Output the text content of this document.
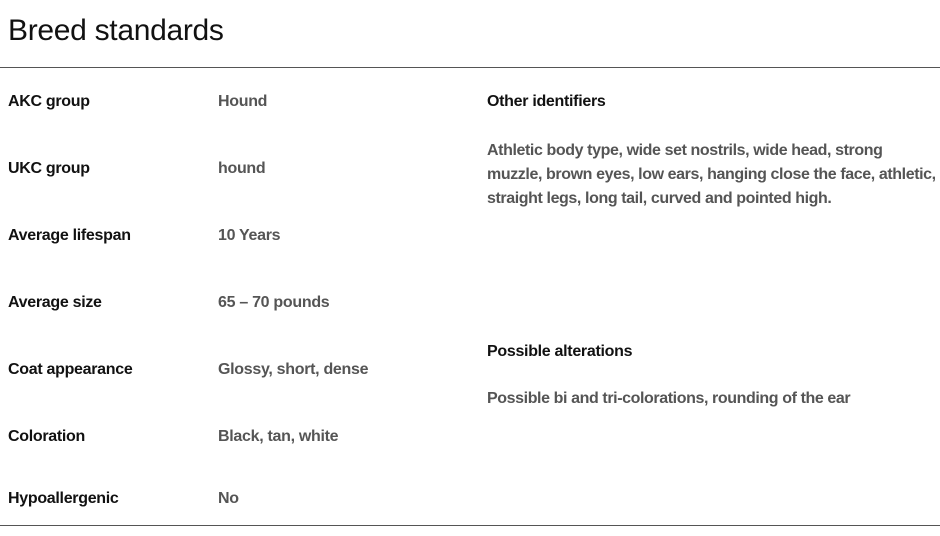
Breed standards
AKC group	Hound
UKC group	hound
Average lifespan	10 Years
Average size	65 – 70 pounds
Coat appearance	Glossy, short, dense
Coloration	Black, tan, white
Hypoallergenic	No
Other identifiers

Athletic body type, wide set nostrils, wide head, strong muzzle, brown eyes, low ears, hanging close the face, athletic, straight legs, long tail, curved and pointed high.

Possible alterations

Possible bi and tri-colorations, rounding of the ear
